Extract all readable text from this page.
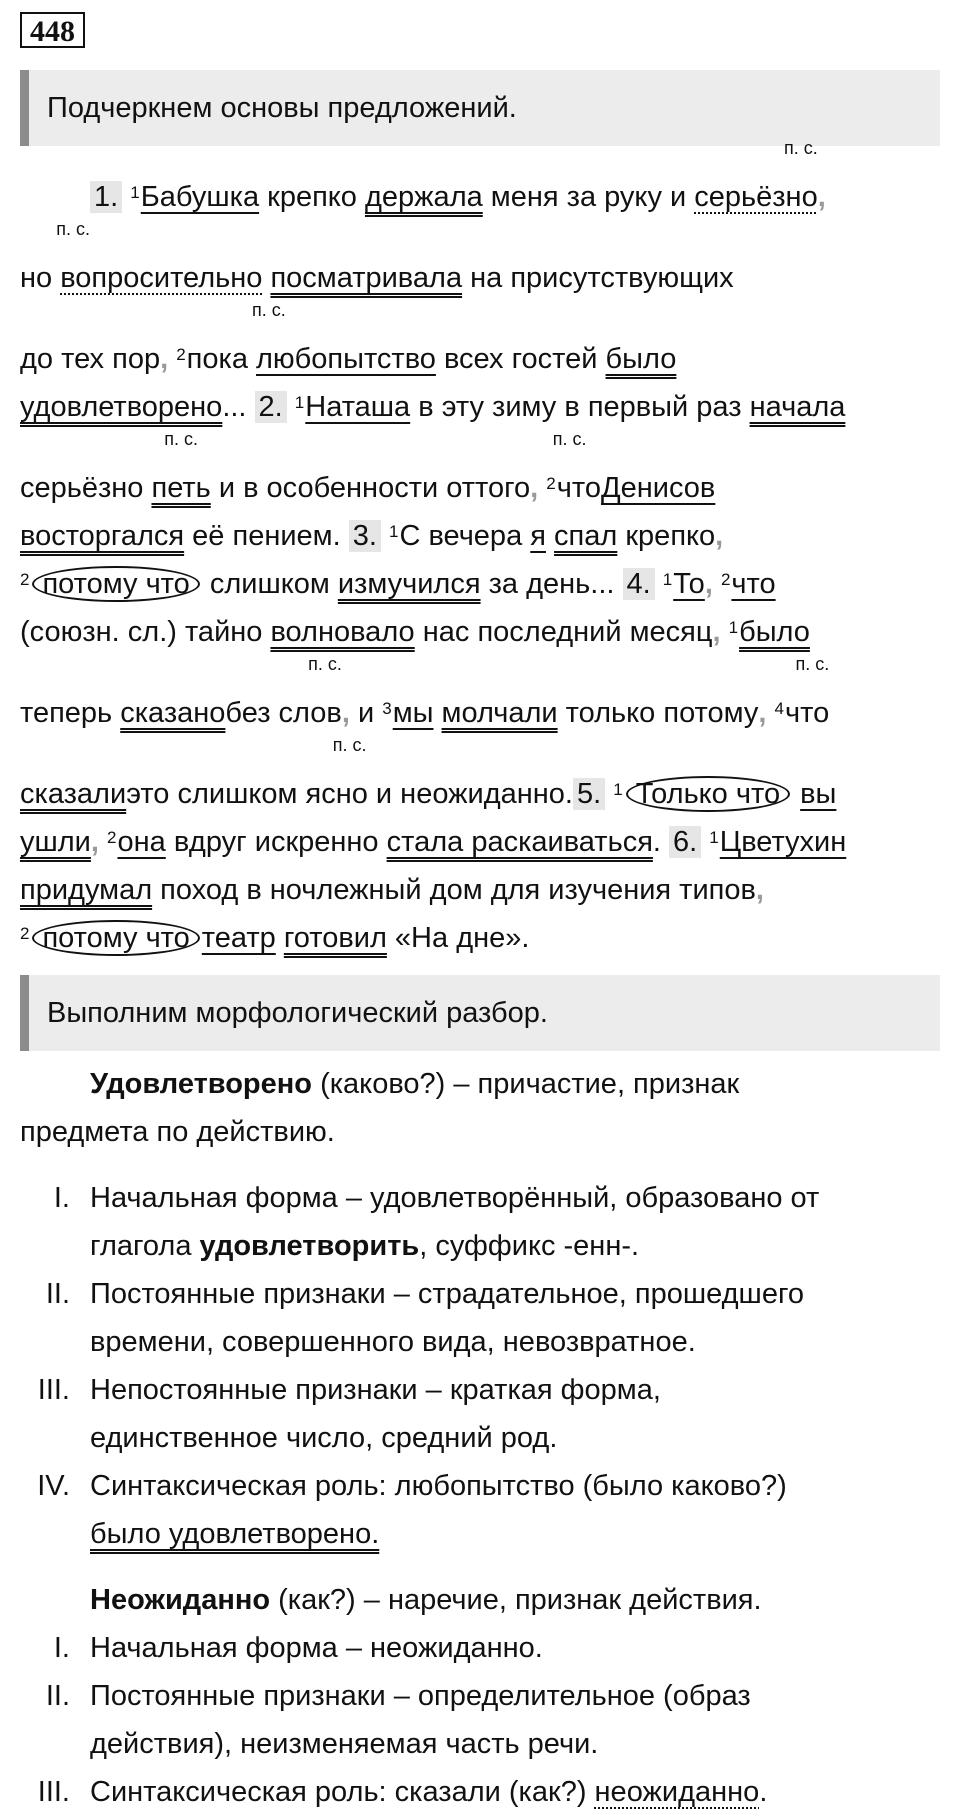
448
Подчеркнем основы предложений.
1. $^1$Бабушка крепко держала меня за руку и п. с. серьёзно,
но п. с. вопросительно посматривала на присутствующих
до тех пор, $^2$пока п. с. любопытство всех гостей было
удовлетворено... 2. $^1$Наташа в эту зиму в первый раз начала
серьёзно п. с. петь и в особенности оттого, $^2$п. с. чтоДенисов
восторгался её пением. 3. $^1$С вечера я спал крепко,
$^2$ потому что слишком измучился за день... 4. $^1$То, $^2$что
(союзн. сл.) тайно волновало нас последний месяц, $^1$было
теперь сказаноп. с. без слов, и $^3$мы молчали только потому, $^4$п. с. что
сказалип. с. это слишком ясно и неожиданно.5. $^1$ Только что вы
ушли, $^2$она вдруг искренно стала раскаиваться. 6. $^1$Цветухин
придумал поход в ночлежный дом для изучения типов,
$^2$ потому что театр готовил «На дне».
Выполним морфологический разбор.
Удовлетворено (каково?) – причастие, признак
предмета по действию.
I. Начальная форма – удовлетворённый, образовано от
глагола удовлетворить, суффикс -енн-.
II. Постоянные признаки – страдательное, прошедшего
времени, совершенного вида, невозвратное.
III. Непостоянные признаки – краткая форма,
единственное число, средний род.
IV. Синтаксическая роль: любопытство (было каково?)
было удовлетворено.
Неожиданно (как?) – наречие, признак действия.
I. Начальная форма – неожиданно.
II. Постоянные признаки – определительное (образ
действия), неизменяемая часть речи.
III. Синтаксическая роль: сказали (как?) неожиданно.
